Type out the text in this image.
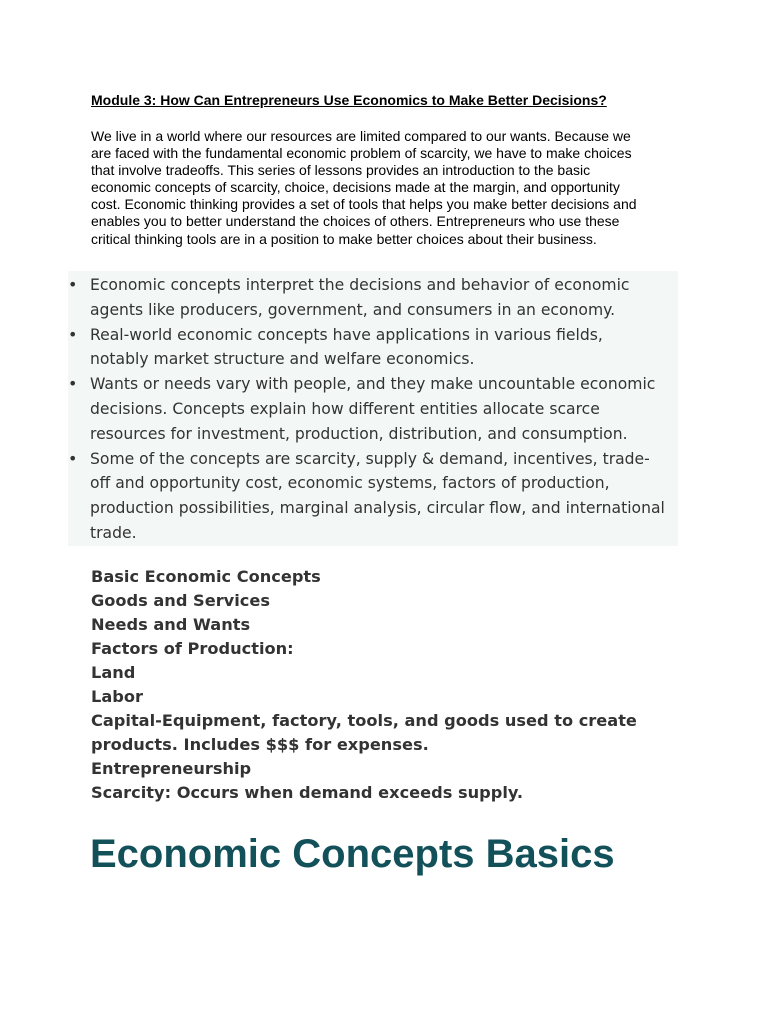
Module 3: How Can Entrepreneurs Use Economics to Make Better Decisions?

We live in a world where our resources are limited compared to our wants. Because we
are faced with the fundamental economic problem of scarcity, we have to make choices
that involve tradeoffs. This series of lessons provides an introduction to the basic
economic concepts of scarcity, choice, decisions made at the margin, and opportunity
cost. Economic thinking provides a set of tools that helps you make better decisions and
enables you to better understand the choices of others. Entrepreneurs who use these
critical thinking tools are in a position to make better choices about their business.

• Economic concepts interpret the decisions and behavior of economic
agents like producers, government, and consumers in an economy.
• Real-world economic concepts have applications in various fields,
notably market structure and welfare economics.
• Wants or needs vary with people, and they make uncountable economic
decisions. Concepts explain how different entities allocate scarce
resources for investment, production, distribution, and consumption.
• Some of the concepts are scarcity, supply & demand, incentives, trade-
off and opportunity cost, economic systems, factors of production,
production possibilities, marginal analysis, circular flow, and international
trade.
Basic Economic Concepts
Goods and Services
Needs and Wants
Factors of Production:
Land
Labor
Capital-Equipment, factory, tools, and goods used to create
products. Includes $$$ for expenses.
Entrepreneurship
Scarcity: Occurs when demand exceeds supply.
Economic Concepts Basics
